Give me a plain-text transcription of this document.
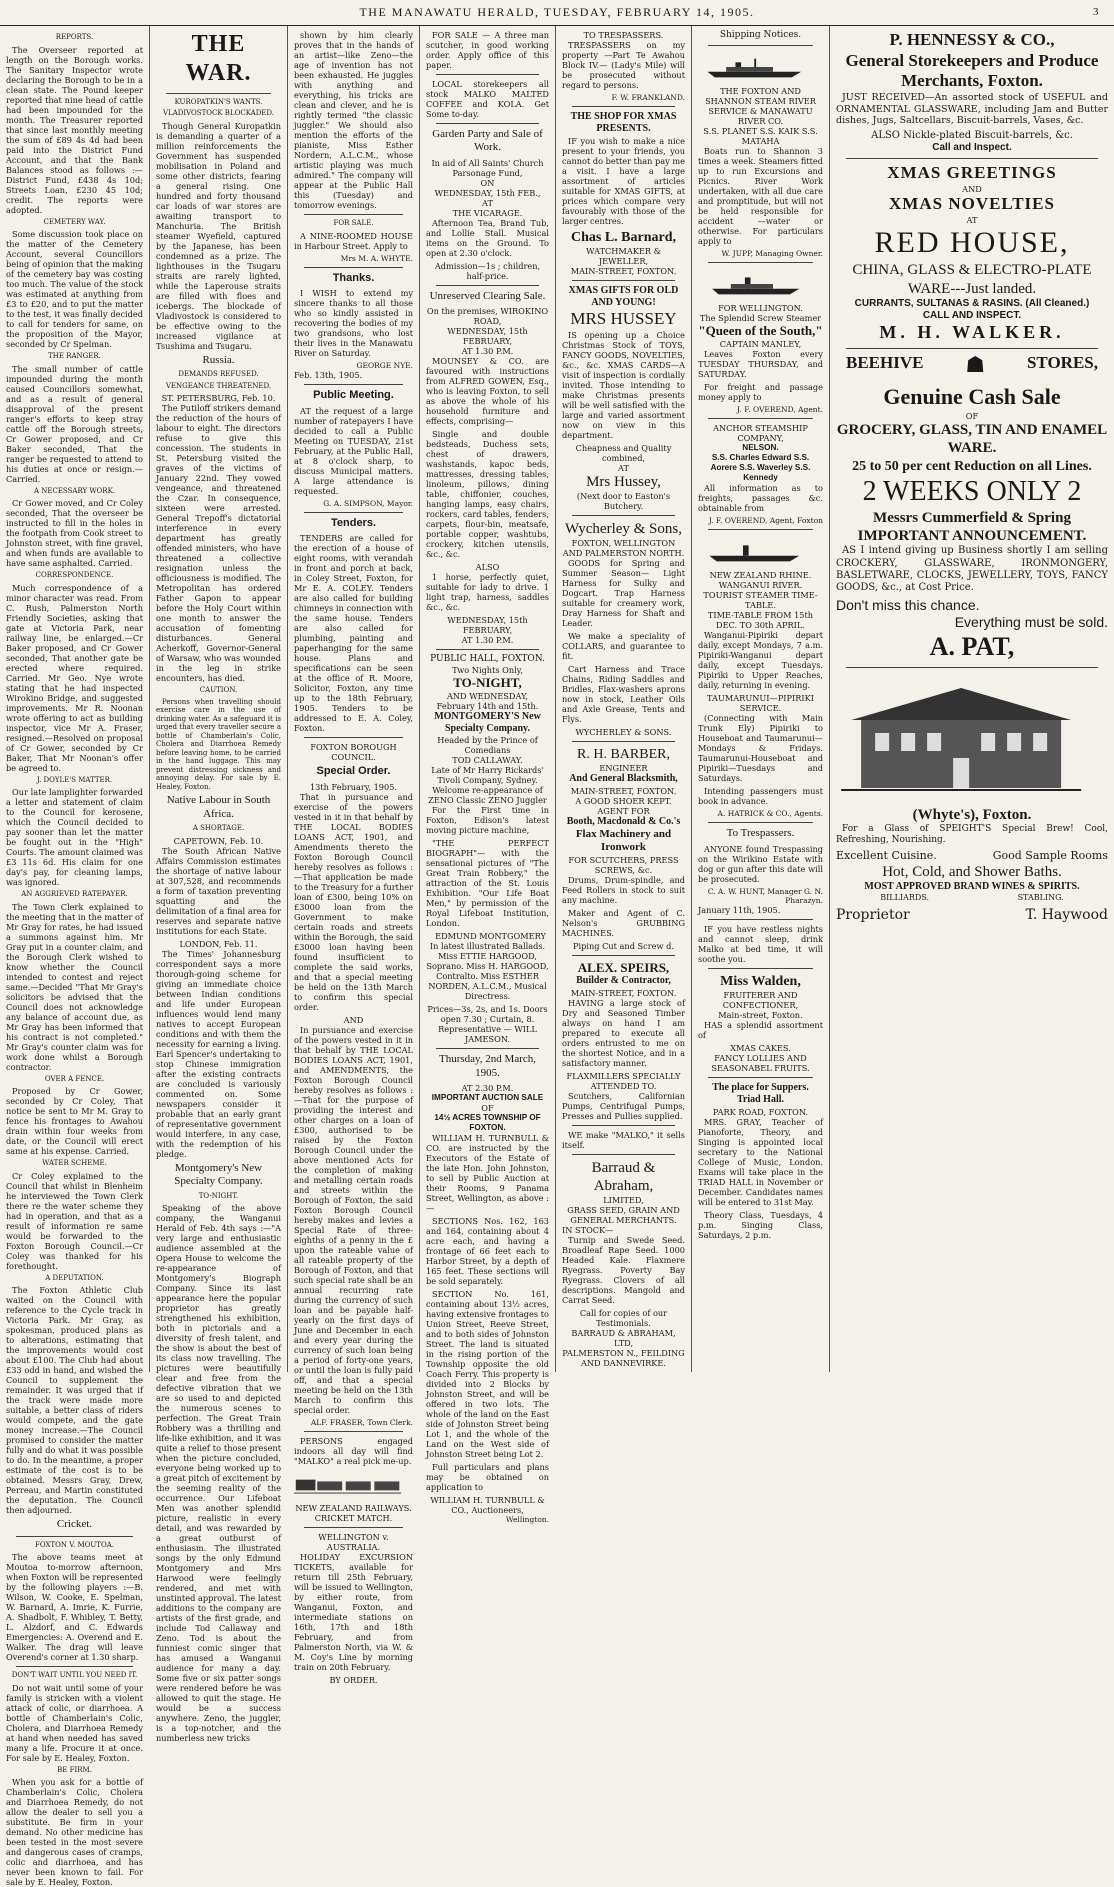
THE MANAWATU HERALD, TUESDAY, FEBRUARY 14, 1905.	3
REPORTS.

The Overseer reported at length on the Borough works. The Sanitary Inspector wrote declaring the Borough to be in a clean state. The Pound keeper reported that nine head of cattle had been impounded for the month. The Treasurer reported that since last monthly meeting the sum of £89 4s 4d had been paid into the District Fund Account, and that the Bank Balances stood as follows :—District Fund, £438 4s 10d; Streets Loan, £230 45 10d; credit. The reports were adopted.

CEMETERY WAY.

Some discussion took place on the matter of the Cemetery Account, several Councillors being of opinion that the making of the cemetery bay was costing too much. The value of the stock was estimated at anything from £3 to £20, and to put the matter to the test, it was finally decided to call for tenders for same, on the proposition of the Mayor, seconded by Cr Spelman.

THE RANGER.

The small number of cattle impounded during the month caused Councillors somewhat, and as a result of general disapproval of the present ranger's efforts to keep stray cattle off the Borough streets, Cr Gower proposed, and Cr Baker seconded, That the ranger be requested to attend to his duties at once or resign.—Carried.

A NECESSARY WORK.

Cr Gower moved, and Cr Coley seconded, That the overseer be instructed to fill in the holes in the footpath from Cook street to Johnston street, with fine gravel, and when funds are available to have same asphalted. Carried.

CORRESPONDENCE.

Much correspondence of a minor character was read. From C. Rush, Palmerston North Friendly Societies, asking that gate at Victoria Park, near railway line, be enlarged.—Cr Baker proposed, and Cr Gower seconded, That another gate be erected where required. Carried. Mr Geo. Nye wrote stating that he had inspected Wirokino Bridge, and suggested improvements. Mr R. Noonan wrote offering to act as building inspector, vice Mr A. Fraser, resigned.—Resolved on proposal of Cr Gower, seconded by Cr Baker, That Mr Noonan's offer be agreed to.

J. DOYLE'S MATTER.

Our late lamplighter forwarded a letter and statement of claim to the Council for kerosene, which the Council decided to pay sooner than let the matter be fought out in the "High" Courts. The amount claimed was £3 11s 6d. His claim for one day's pay, for cleaning lamps, was ignored.

AN AGGRIEVED RATEPAYER.

The Town Clerk explained to the meeting that in the matter of Mr Gray for rates, he had issued a summons against him. Mr Gray put in a counter claim, and the Borough Clerk wished to know whether the Council intended to contest and reject same.—Decided "That Mr Gray's solicitors be advised that the Council does not acknowledge any balance of account due, as Mr Gray has been informed that his contract is not completed." Mr Gray's counter claim was for work done whilst a Borough contractor.

OVER A FENCE.

Proposed by Cr Gower, seconded by Cr Coley, That notice be sent to Mr M. Gray to fence his frontages to Awahou drain within four weeks from date, or the Council will erect same at his expense. Carried.

WATER SCHEME.

Cr Coley explained to the Council that whilst in Blenheim he interviewed the Town Clerk there re the water scheme they had in operation, and that as a result of information re same would be forwarded to the Foxton Borough Council.—Cr Coley was thanked for his forethought.

A DEPUTATION.

The Foxton Athletic Club waited on the Council with reference to the Cycle track in Victoria Park. Mr Gray, as spokesman, produced plans as to alterations, estimating that the improvements would cost about £100. The Club had about £33 odd in hand, and wished the Council to supplement the remainder. It was urged that if the track were made more suitable, a better class of riders would compete, and the gate money increase.—The Council promised to consider the matter fully and do what it was possible to do. In the meantime, a proper estimate of the cost is to be obtained. Messrs Gray, Drew, Perreau, and Martin constituted the deputation. The Council then adjourned.

Cricket.
FOXTON V. MOUTOA.

The above teams meet at Moutoa to-morrow afternoon, when Foxton will be represented by the following players :—B. Wilson, W. Cooke, E. Spelman, W. Barnard, A. Imrie, K. Furrie, A. Shadbolt, F. Whibley, T. Betty, L. Alzdorf, and C. Edwards Emergencies: A. Overend and E. Walker. The drag will leave Overend's corner at 1.30 sharp.

DON'T WAIT UNTIL YOU NEED IT.

Do not wait until some of your family is stricken with a violent attack of colic, or diarrhoea. A bottle of Chamberlain's Colic, Cholera, and Diarrhoea Remedy at hand when needed has saved many a life. Procure it at once. For sale by E. Healey, Foxton.

BE FIRM.

When you ask for a bottle of Chamberlain's Colic, Cholera and Diarrhoea Remedy, do not allow the dealer to sell you a substitute. Be firm in your demand. No other medicine has been tested in the most severe and dangerous cases of cramps, colic and diarrhoea, and has never been known to fail. For sale by E. Healey, Foxton.

THE WAR.
KUROPATKIN'S WANTS.
VLADIVOSTOCK BLOCKADED.

Though General Kuropatkin is demanding a quarter of a million reinforcements the Government has suspended mobilisation in Poland and some other districts, fearing a general rising. One hundred and forty thousand car loads of war stores are awaiting transport to Manchuria. The British steamer Wyefield, captured by the Japanese, has been condemned as a prize. The lighthouses in the Tsugaru straits are rarely lighted, while the Laperouse straits are filled with floes and icebergs. The blockade of Vladivostock is considered to be effective owing to the increased vigilance at Tsushima and Tsugaru.

Russia.
DEMANDS REFUSED.
VENGEANCE THREATENED.
ST. PETERSBURG, Feb. 10.

The Putiloff strikers demand the reduction of the hours of labour to eight. The directors refuse to give this concession. The students in St. Petersburg visited the graves of the victims of January 22nd. They vowed vengeance, and threatened the Czar. In consequence, sixteen were arrested. General Trepoff's dictatorial interference in every department has greatly offended ministers, who have threatened a collective resignation unless the officiousness is modified. The Metropolitan has ordered Father Gapon to appear before the Holy Court within one month to answer the accusation of fomenting disturbances. General Acherkoff, Governor-General of Warsaw, who was wounded in the leg in strike encounters, has died.

CAUTION.

Persons when travelling should exercise care in the use of drinking water. As a safeguard it is urged that every traveller secure a bottle of Chamberlain's Colic, Cholera and Diarrhoea Remedy before leaving home, to be carried in the hand luggage. This may prevent distressing sickness and annoying delay. For sale by E. Healey, Foxton.

Native Labour in South Africa.
A SHORTAGE.
CAPETOWN, Feb. 10.

The South African Native Affairs Commission estimates the shortage of native labour at 307,528, and recommends a form of taxation preventing squatting and the delimitation of a final area for reserves and separate native institutions for each State.

LONDON, Feb. 11.

The Times' Johannesburg correspondent says a more thorough-going scheme for giving an immediate choice between Indian conditions and life under European influences would lend many natives to accept European conditions and with them the necessity for earning a living. Earl Spencer's undertaking to stop Chinese immigration after the existing contracts are concluded is variously commented on. Some newspapers consider it probable that an early grant of representative government would interfere, in any case, with the redemption of his pledge.

Montgomery's New Specialty Company.
TO-NIGHT.

Speaking of the above company, the Wanganui Herald of Feb. 4th says :—"A very large and enthusiastic audience assembled at the Opera House to welcome the re-appearance of Montgomery's Biograph Company. Since its last appearance here the popular proprietor has greatly strengthened his exhibition, both in pictorials and a diversity of fresh talent, and the show is about the best of its class now travelling. The pictures were beautifully clear and free from the defective vibration that we are so used to and depicted the numerous scenes to perfection. The Great Train Robbery was a thrilling and life-like exhibition, and it was quite a relief to those present when the picture concluded, everyone being worked up to a great pitch of excitement by the seeming reality of the occurrence. Our Lifeboat Men was another splendid picture, realistic in every detail, and was rewarded by a great outburst of enthusiasm. The illustrated songs by the only Edmund Montgomery and Mrs Harwood were feelingly rendered, and met with unstinted approval. The latest additions to the company are artists of the first grade, and include Tod Callaway and Zeno. Tod is about the funniest comic singer that has amused a Wanganui audience for many a day. Some five or six patter songs were rendered before he was allowed to quit the stage. He would be a success anywhere. Zeno, the juggler, is a top-notcher, and the numberless new tricks

shown by him clearly proves that in the hands of an artist—like Zeno—the age of invention has not been exhausted. He juggles with anything and everything, his tricks are clean and clever, and he is rightly termed "the classic juggler." We should also mention the efforts of the pianiste, Miss Esther Nordern, A.L.C.M., whose artistic playing was much admired." The company will appear at the Public Hall this (Tuesday) and tomorrow evenings.

FOR SALE.

A NINE-ROOMED HOUSE in Harbour Street. Apply to

Mrs M. A. WHYTE.
Thanks.

I WISH to extend my sincere thanks to all those who so kindly assisted in recovering the bodies of my two grandsons, who lost their lives in the Manawatu River on Saturday.

GEORGE NYE.
Feb. 13th, 1905.
Public Meeting.

AT the request of a large number of ratepayers I have decided to call a Public Meeting on TUESDAY, 21st February, at the Public Hall, at 8 o'clock sharp, to discuss Municipal matters. A large attendance is requested.

G. A. SIMPSON, Mayor.
Tenders.

TENDERS are called for the erection of a house of eight rooms, with verandah in front and porch at back, in Coley Street, Foxton, for Mr E. A. COLEY. Tenders are also called for building chimneys in connection with the same house. Tenders are also called for plumbing, painting and paperhanging for the same house. Plans and specifications can be seen at the office of R. Moore, Solicitor, Foxton, any time up to the 18th February, 1905. Tenders to be addressed to E. A. Coley, Foxton.

FOXTON BOROUGH COUNCIL.
Special Order.
13th February, 1905.

That in pursuance and exercise of the powers vested in it in that behalf by THE LOCAL BODIES LOANS ACT, 1901, and Amendments thereto the Foxton Borough Council hereby resolves as follows :—That application be made to the Treasury for a further loan of £300, being 10% on £3000 loan from the Government to make certain roads and streets within the Borough, the said £3000 loan having been found insufficient to complete the said works, and that a special meeting be held on the 13th March to confirm this special order.

AND

In pursuance and exercise of the powers vested in it in that behalf by THE LOCAL BODIES LOANS ACT, 1901, and AMENDMENTS, the Foxton Borough Council hereby resolves as follows :—That for the purpose of providing the interest and other charges on a loan of £300, authorised to be raised by the Foxton Borough Council under the above mentioned Acts for the completion of making and metalling certain roads and streets within the Borough of Foxton, the said Foxton Borough Council hereby makes and levies a Special Rate of three-eighths of a penny in the £ upon the rateable value of all rateable property of the Borough of Foxton, and that such special rate shall be an annual recurring rate during the currency of such loan and be payable half-yearly on the first days of June and December in each and every year during the currency of such loan being a period of forty-one years, or until the loan is fully paid off, and that a special meeting be held on the 13th March to confirm this special order.

ALF. FRASER, Town Clerk.

PERSONS engaged indoors all day will find "MALKO" a real pick me-up.

NEW ZEALAND RAILWAYS.
CRICKET MATCH.
WELLINGTON v. AUSTRALIA.

HOLIDAY EXCURSION TICKETS, available for return till 25th February, will be issued to Wellington, by either route, from Wanganui, Foxton, and intermediate stations on 16th, 17th and 18th February, and from Palmerston North, via W. & M. Coy's Line by morning train on 20th February.

BY ORDER.

FOR SALE — A three man scutcher, in good working order. Apply office of this paper.

LOCAL storekeepers all stock MALKO MALTED COFFEE and KOLA. Get Some to-day.

Garden Party and Sale of Work.
In aid of All Saints' Church Parsonage Fund,
ON
WEDNESDAY, 15th FEB.,
AT
THE VICARAGE.

Afternoon Tea, Brand Tub, and Lollie Stall. Musical items on the Ground. To open at 2.30 o'clock.

Admission—1s ; children, half-price.
Unreserved Clearing Sale.
On the premises, WIROKINO ROAD,
WEDNESDAY, 15th FEBRUARY,
AT 1.30 P.M.

MOUNSEY & CO. are favoured with instructions from ALFRED GOWEN, Esq., who is leaving Foxton, to sell as above the whole of his household furniture and effects, comprising—

Single and double bedsteads, Duchess sets, chest of drawers, washstands, kapoc beds, mattresses, dressing tables, linoleum, pillows, dining table, chiffonier, couches, hanging lamps, easy chairs, rockers, card tables, fenders, carpets, flour-bin, meatsafe, portable copper, washtubs, crockery, kitchen utensils, &c., &c.

ALSO

1 horse, perfectly quiet, suitable for lady to drive. 1 light trap, harness, saddles &c., &c.

WEDNESDAY, 15th FEBRUARY,
AT 1.30 P.M.
PUBLIC HALL, FOXTON.
Two Nights Only,
TO-NIGHT,
AND WEDNESDAY,
February 14th and 15th.
MONTGOMERY'S New Specialty Company.
Headed by the Prince of Comedians
TOD CALLAWAY.
Late of Mr Harry Rickards' Tivoli Company, Sydney. Welcome re-appearance of
ZENO Classic ZENO Juggler

For the First time in Foxton, Edison's latest moving picture machine,

"THE PERFECT BIOGRAPH"— with the sensational pictures of "The Great Train Robbery," the attraction of the St. Louis Exhibition. "Our Life Boat Men," by permission of the Royal Lifeboat Institution, London.

EDMUND MONTGOMERY In latest illustrated Ballads. Miss ETTIE HARGOOD, Soprano. Miss H. HARGOOD, Contralto. Miss ESTHER NORDEN, A.L.C.M., Musical Directress.

Prices—3s, 2s, and 1s. Doors open 7.30 ; Curtain, 8.
Representative — WILL JAMESON.
Thursday, 2nd March, 1905.
AT 2.30 P.M.
IMPORTANT AUCTION SALE
OF
14½ ACRES TOWNSHIP OF FOXTON.

WILLIAM H. TURNBULL & CO. are instructed by the Executors of the Estate of the late Hon. John Johnston, to sell by Public Auction at their Rooms, 9 Panama Street, Wellington, as above :—

SECTIONS Nos. 162, 163 and 164, containing about 4 acre each, and having a frontage of 66 feet each to Harbor Street, by a depth of 165 feet. These sections will be sold separately.

SECTION No. 161, containing about 13½ acres, having extensive frontages to Union Street, Reeve Street, and to both sides of Johnston Street. The land is situated in the rising portion of the Township opposite the old Coach Ferry. This property is divided into 2 Blocks by Johnston Street, and will be offered in two lots. The whole of the land on the East side of Johnston Street being Lot 1, and the whole of the Land on the West side of Johnston Street being Lot 2.

Full particulars and plans may be obtained on application to

WILLIAM H. TURNBULL & CO., Auctioneers,
Wellington.
TO TRESPASSERS.

TRESPASSERS on my property —Part Te Awahou Block IV.— (Lady's Mile) will be prosecuted without regard to persons.

F. W. FRANKLAND.
THE SHOP FOR XMAS PRESENTS.

IF you wish to make a nice present to your friends, you cannot do better than pay me a visit. I have a large assortment of articles suitable for XMAS GIFTS, at prices which compare very favourably with those of the larger centres.

Chas L. Barnard,
WATCHMAKER & JEWELLER,
MAIN-STREET, FOXTON.
XMAS GIFTS FOR OLD AND YOUNG!
MRS HUSSEY

IS opening up a Choice Christmas Stock of TOYS, FANCY GOODS, NOVELTIES, &c., &c. XMAS CARDS—A visit of inspection is cordially invited. Those intending to make Christmas presents will be well satisfied with the large and varied assortment now on view in this department.

Cheapness and Quality combined,
AT
Mrs Hussey,
(Next door to Easton's Butchery.
Wycherley & Sons,
FOXTON, WELLINGTON AND PALMERSTON NORTH.

GOODS for Spring and Summer Season— Light Harness for Sulky and Dogcart. Trap Harness suitable for creamery work, Dray Harness for Shaft and Leader.

We make a speciality of COLLARS, and guarantee to fit.

Cart Harness and Trace Chains, Riding Saddles and Bridles, Flax-washers aprons now in stock, Leather Oils and Axle Grease, Tents and Flys.

WYCHERLEY & SONS.
R. H. BARBER,
ENGINEER
And General Blacksmith,
MAIN-STREET, FOXTON.
A GOOD SHOER KEPT.
AGENT FOR
Booth, Macdonald & Co.'s
Flax Machinery and Ironwork
FOR SCUTCHERS, PRESS SCREWS, &c.

Drums, Drum-spindle, and Feed Rollers in stock to suit any machine.

Maker and Agent of C. Nelson's GRUBBING MACHINES.

Piping Cut and Screw d.
ALEX. SPEIRS,
Builder & Contractor,
MAIN-STREET, FOXTON.

HAVING a large stock of Dry and Seasoned Timber always on hand I am prepared to execute all orders entrusted to me on the shortest Notice, and in a satisfactory manner.

FLAXMILLERS SPECIALLY ATTENDED TO.

Scutchers, Californian Pumps, Centrifugal Pumps, Presses and Pullies supplied.

WE make "MALKO," it sells itself.

Barraud & Abraham,
LIMITED,
GRASS SEED, GRAIN AND GENERAL MERCHANTS.
IN STOCK—

Turnip and Swede Seed. Broadleaf Rape Seed. 1000 Headed Kale. Flaxmere Ryegrass. Poverty Bay Ryegrass. Clovers of all descriptions. Mangold and Carrat Seed.

Call for copies of our Testimonials.
BARRAUD & ABRAHAM, LTD,
PALMERSTON N., FEILDING AND DANNEVIRKE.
Shipping Notices.
THE FOXTON AND SHANNON STEAM RIVER SERVICE & MANAWATU RIVER CO.
S.S. PLANET S.S. KAIK S.S. MATAHA

Boats run to Shannon 3 times a week. Steamers fitted up to run Excursions and Picnics. River Work undertaken, with all due care and promptitude, but will not be held responsible for accident —water or otherwise. For particulars apply to

W. JUPP, Managing Owner.
FOR WELLINGTON.
The Splendid Screw Steamer
"Queen of the South,"
CAPTAIN MANLEY,

Leaves Foxton every TUESDAY THURSDAY, and SATURDAY.

For freight and passage money apply to

J. F. OVEREND, Agent.
ANCHOR STEAMSHIP COMPANY,
NELSON.
S.S. Charles Edward S.S. Aorere S.S. Waverley S.S. Kennedy

All information as to freights, passages &c. obtainable from

J. F. OVEREND, Agent, Foxton
NEW ZEALAND RHINE.
WANGANUI RIVER.
TOURIST STEAMER TIME-TABLE.
TIME-TABLE FROM 15th DEC. TO 30th APRIL.

Wanganui-Pipiriki depart daily, except Mondays, 7 a.m. Pipiriki-Wanganui depart daily, except Tuesdays. Pipiriki to Upper Reaches, daily, returning in evening.

TAUMARUNUI—PIPIRIKI SERVICE.

(Connecting with Main Trunk Ely) Pipiriki to Houseboat and Taumarunui—Mondays & Fridays. Taumarunui-Houseboat and Pipiriki—Tuesdays and Saturdays.

Intending passengers must book in advance.

A. HATRICK & CO., Agents.
To Trespassers.

ANYONE found Trespassing on the Wirikino Estate with dog or gun after this date will be prosecuted.

C. A. W. HUNT, Manager G. N. Pharazyn.
January 11th, 1905.

IF you have restless nights and cannot sleep, drink Malko at bed time, it will soothe you.

Miss Walden,
FRUITERER AND CONFECTIONER,
Main-street, Foxton.

HAS a splendid assortment of

XMAS CAKES.
FANCY LOLLIES AND SEASONABEL FRUITS.
The place for Suppers.
Triad Hall.
PARK ROAD, FOXTON.

MRS. GRAY, Teacher of Pianoforte, Theory, and Singing is appointed local secretary to the National College of Music, London. Exams will take place in the TRIAD HALL in November or December. Candidates names will be entered to 31st May.

Theory Class, Tuesdays, 4 p.m. Singing Class, Saturdays, 2 p.m.

P. HENNESSY & CO.,
General Storekeepers and Produce Merchants, Foxton.

JUST RECEIVED—An assorted stock of USEFUL and ORNAMENTAL GLASSWARE, including Jam and Butter dishes, Jugs, Saltcellars, Biscuit-barrels, Vases, &c.

ALSO Nickle-plated Biscuit-barrels, &c.
Call and Inspect.
XMAS GREETINGS
AND
XMAS NOVELTIES
AT
RED HOUSE,
CHINA, GLASS & ELECTRO-PLATE WARE---Just landed.
CURRANTS, SULTANAS & RASINS. (All Cleaned.)
CALL AND INSPECT.
M. H. WALKER.
BEEHIVE ☗ STORES,
Genuine Cash Sale
OF
GROCERY, GLASS, TIN AND ENAMEL WARE.
25 to 50 per cent Reduction on all Lines.
2 WEEKS ONLY 2
Messrs Cummerfield & Spring
IMPORTANT ANNOUNCEMENT.

AS I intend giving up Business shortly I am selling CROCKERY, GLASSWARE, IRONMONGERY, BASLETWARE, CLOCKS, JEWELLERY, TOYS, FANCY GOODS, &c., at Cost Price.

Don't miss this chance.
Everything must be sold.
A. PAT,
(Whyte's), Foxton.

For a Glass of SPEIGHT'S Special Brew! Cool, Refreshing, Nourishing.

Excellent Cuisine.	Good Sample Rooms
Hot, Cold, and Shower Baths.
MOST APPROVED BRAND WINES & SPIRITS.
BILLIARDS.	STABLING.
Proprietor	T. Haywood
